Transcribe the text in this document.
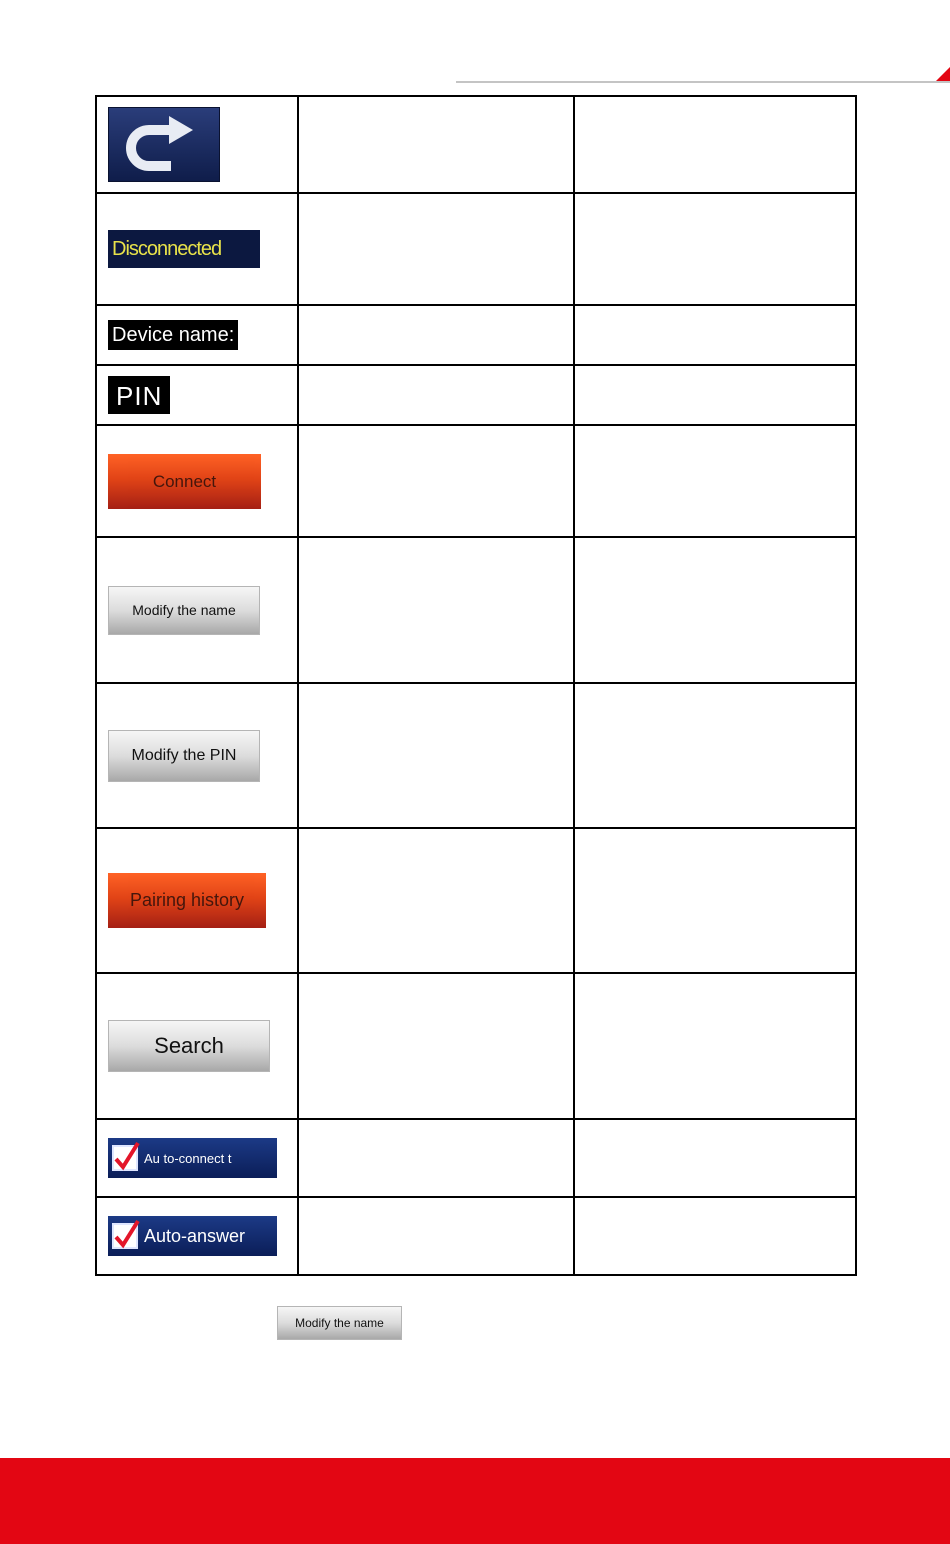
Disconnected		

Device name:		

PIN		

Connect		

Modify the name		

Modify the PIN		

Pairing history		

Search		

Au to-connect t		

Auto-answer		

Modify the name
